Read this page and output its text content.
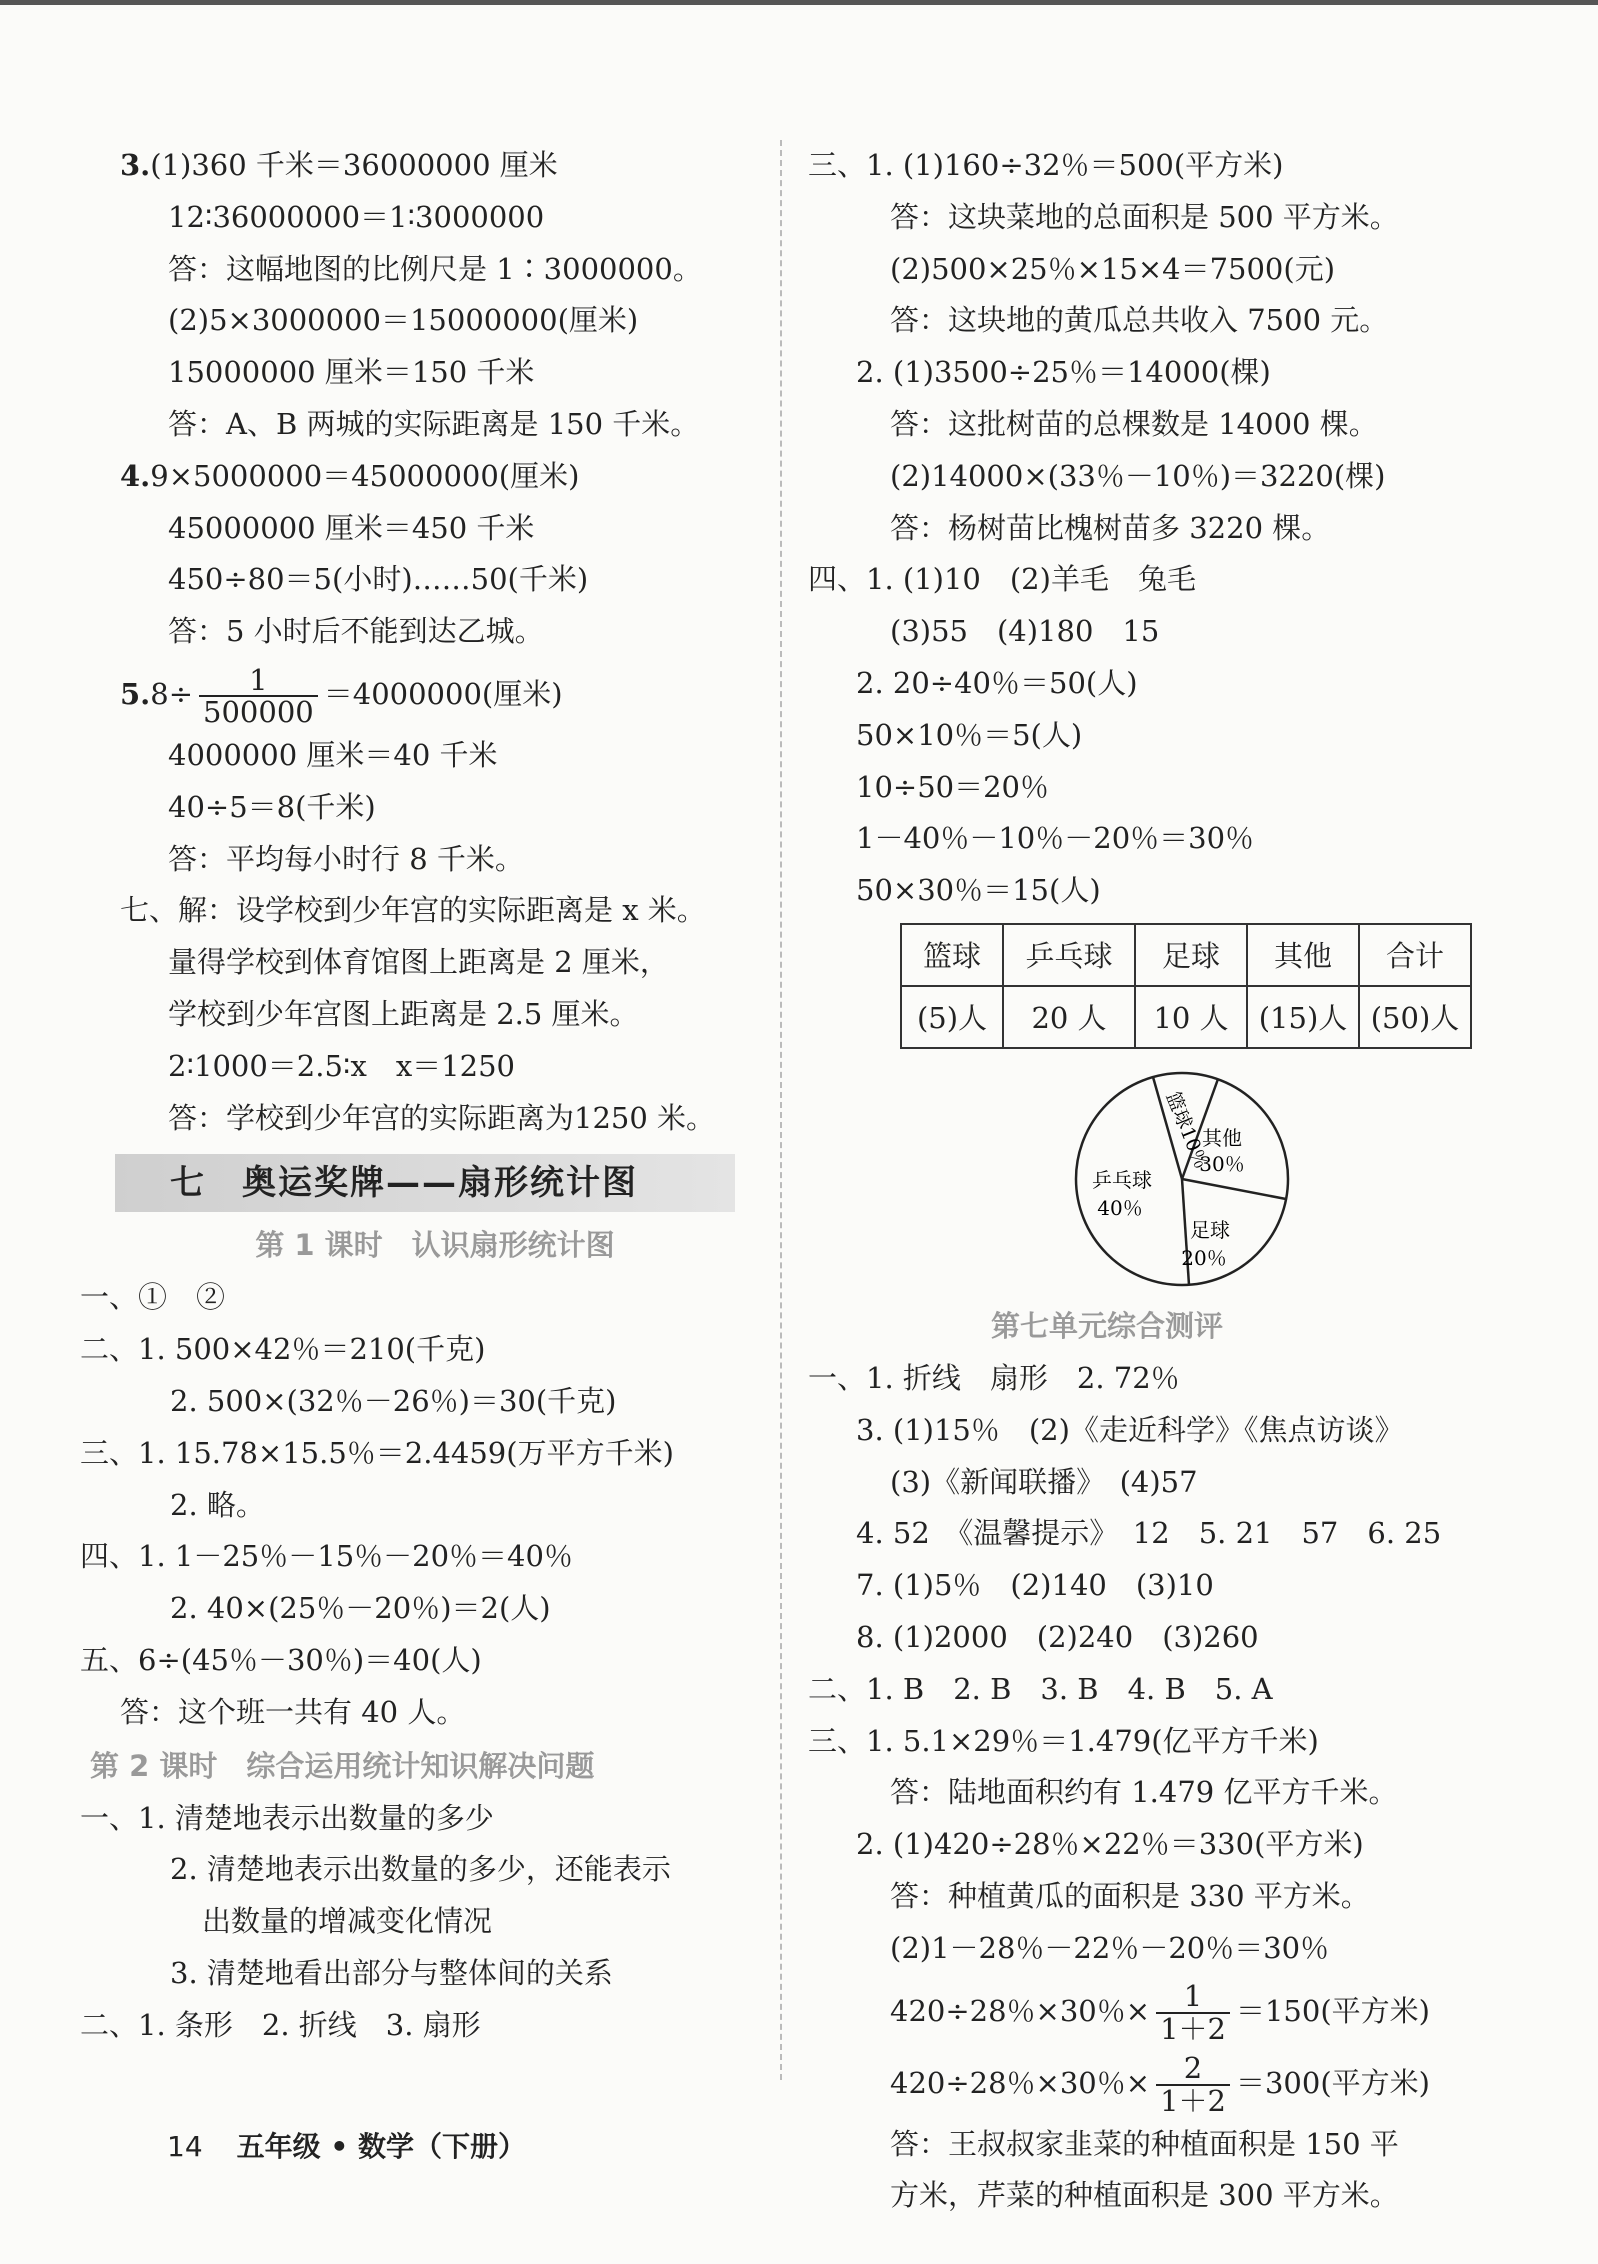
3.(1)360 千米＝36000000 厘米
12∶36000000＝1∶3000000
答：这幅地图的比例尺是 1∶3000000。
(2)5×3000000＝15000000(厘米)
15000000 厘米＝150 千米
答：A、B 两城的实际距离是 150 千米。
4.9×5000000＝45000000(厘米)
45000000 厘米＝450 千米
450÷80＝5(小时)……50(千米)
答：5 小时后不能到达乙城。
$5.8\div \frac{1}{500000} =4000000$(厘米)
4000000 厘米＝40 千米
40÷5＝8(千米)
答：平均每小时行 8 千米。
七、解：设学校到少年宫的实际距离是 x 米。
量得学校到体育馆图上距离是 2 厘米，
学校到少年宫图上距离是 2.5 厘米。
2∶1000＝2.5∶x　x＝1250
答：学校到少年宫的实际距离为1250 米。
七　奥运奖牌——扇形统计图
第 1 课时　认识扇形统计图
一、①　②
二、1. 500×42％＝210(千克)
2. 500×(32％－26％)＝30(千克)
三、1. 15.78×15.5％＝2.4459(万平方千米)
2. 略。
四、1. 1－25％－15％－20％＝40％
2. 40×(25％－20％)＝2(人)
五、6÷(45％－30％)＝40(人)
答：这个班一共有 40 人。
第 2 课时　综合运用统计知识解决问题
一、1. 清楚地表示出数量的多少
2. 清楚地表示出数量的多少，还能表示
出数量的增减变化情况
3. 清楚地看出部分与整体间的关系
二、1. 条形　2. 折线　3. 扇形
三、1. (1)160÷32％＝500(平方米)
答：这块菜地的总面积是 500 平方米。
(2)500×25％×15×4＝7500(元)
答：这块地的黄瓜总共收入 7500 元。
2. (1)3500÷25％＝14000(棵)
答：这批树苗的总棵数是 14000 棵。
(2)14000×(33％－10％)＝3220(棵)
答：杨树苗比槐树苗多 3220 棵。
四、1. (1)10　(2)羊毛　兔毛
(3)55　(4)180　15
2. 20÷40％＝50(人)
50×10％＝5(人)
10÷50＝20％
1－40％－10％－20％＝30％
50×30％＝15(人)
篮球	乒乓球	足球	其他	合计
(5)人	20 人	10 人	(15)人	(50)人
篮球10％
其他
30％
乒乓球
40％
足球
20％
第七单元综合测评
一、1. 折线　扇形　2. 72％
3. (1)15％　(2)《走近科学》《焦点访谈》
(3)《新闻联播》　(4)57
4. 52　《温馨提示》　12　5. 21　57　6. 25
7. (1)5％　(2)140　(3)10
8. (1)2000　(2)240　(3)260
二、1. B　2. B　3. B　4. B　5. A
三、1. 5.1×29％＝1.479(亿平方千米)
答：陆地面积约有 1.479 亿平方千米。
2. (1)420÷28％×22％＝330(平方米)
答：种植黄瓜的面积是 330 平方米。
(2)1－28％－22％－20％＝30％
420÷28％×30％× $\frac{1}{1+2} =150$(平方米)
420÷28％×30％× $\frac{2}{1+2} =300$(平方米)
答：王叔叔家韭菜的种植面积是 150 平
方米，芹菜的种植面积是 300 平方米。
14 五年级 • 数学（下册）
